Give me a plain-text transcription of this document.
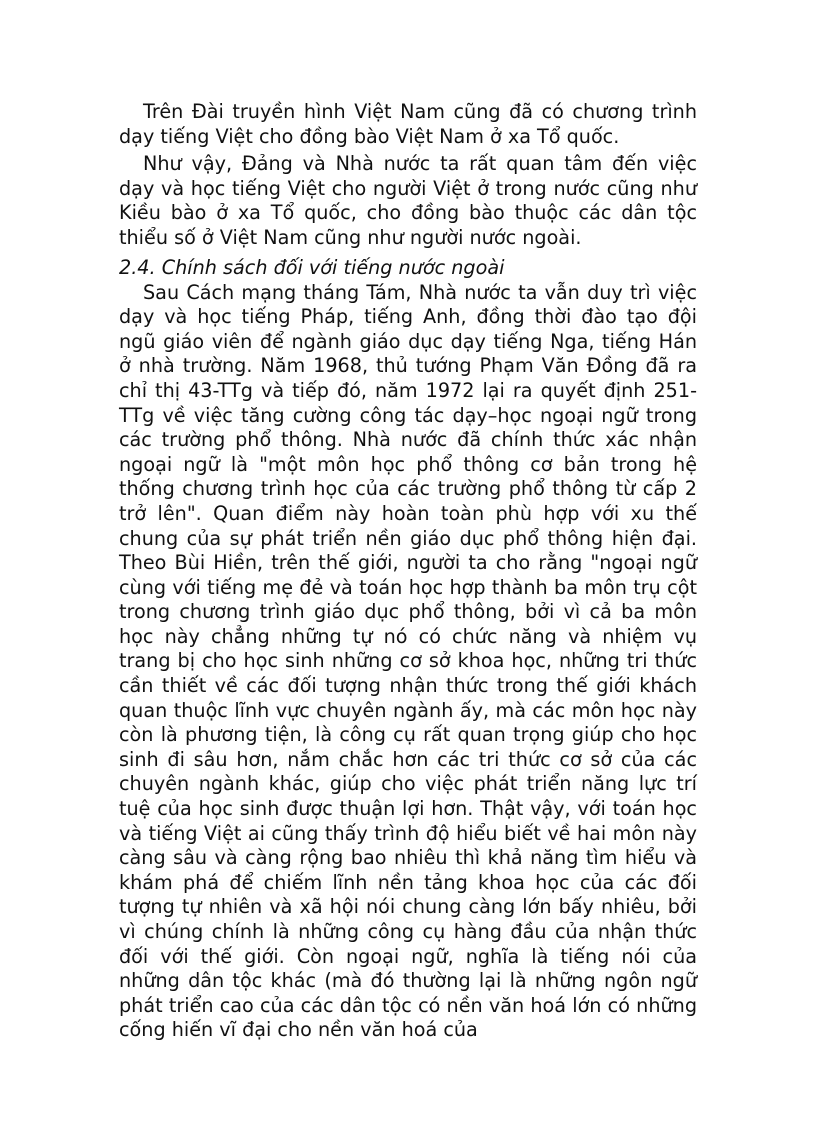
Trên Đài truyền hình Việt Nam cũng đã có chương trình dạy tiếng Việt cho đồng bào Việt Nam ở xa Tổ quốc.

Như vậy, Đảng và Nhà nước ta rất quan tâm đến việc dạy và học tiếng Việt cho người Việt ở trong nước cũng như Kiều bào ở xa Tổ quốc, cho đồng bào thuộc các dân tộc thiểu số ở Việt Nam cũng như người nước ngoài.

2.4. Chính sách đối với tiếng nước ngoài

Sau Cách mạng tháng Tám, Nhà nước ta vẫn duy trì việc dạy và học tiếng Pháp, tiếng Anh, đồng thời đào tạo đội ngũ giáo viên để ngành giáo dục dạy tiếng Nga, tiếng Hán ở nhà trường. Năm 1968, thủ tướng Phạm Văn Đồng đã ra chỉ thị 43-TTg và tiếp đó, năm 1972 lại ra quyết định 251-TTg về việc tăng cường công tác dạy–học ngoại ngữ trong các trường phổ thông. Nhà nước đã chính thức xác nhận ngoại ngữ là "một môn học phổ thông cơ bản trong hệ thống chương trình học của các trường phổ thông từ cấp 2 trở lên". Quan điểm này hoàn toàn phù hợp với xu thế chung của sự phát triển nền giáo dục phổ thông hiện đại. Theo Bùi Hiền, trên thế giới, người ta cho rằng "ngoại ngữ cùng với tiếng mẹ đẻ và toán học hợp thành ba môn trụ cột trong chương trình giáo dục phổ thông, bởi vì cả ba môn học này chẳng những tự nó có chức năng và nhiệm vụ trang bị cho học sinh những cơ sở khoa học, những tri thức cần thiết về các đối tượng nhận thức trong thế giới khách quan thuộc lĩnh vực chuyên ngành ấy, mà các môn học này còn là phương tiện, là công cụ rất quan trọng giúp cho học sinh đi sâu hơn, nắm chắc hơn các tri thức cơ sở của các chuyên ngành khác, giúp cho việc phát triển năng lực trí tuệ của học sinh được thuận lợi hơn. Thật vậy, với toán học và tiếng Việt ai cũng thấy trình độ hiểu biết về hai môn này càng sâu và càng rộng bao nhiêu thì khả năng tìm hiểu và khám phá để chiếm lĩnh nền tảng khoa học của các đối tượng tự nhiên và xã hội nói chung càng lớn bấy nhiêu, bởi vì chúng chính là những công cụ hàng đầu của nhận thức đối với thế giới. Còn ngoại ngữ, nghĩa là tiếng nói của những dân tộc khác (mà đó thường lại là những ngôn ngữ phát triển cao của các dân tộc có nền văn hoá lớn có những cống hiến vĩ đại cho nền văn hoá của
